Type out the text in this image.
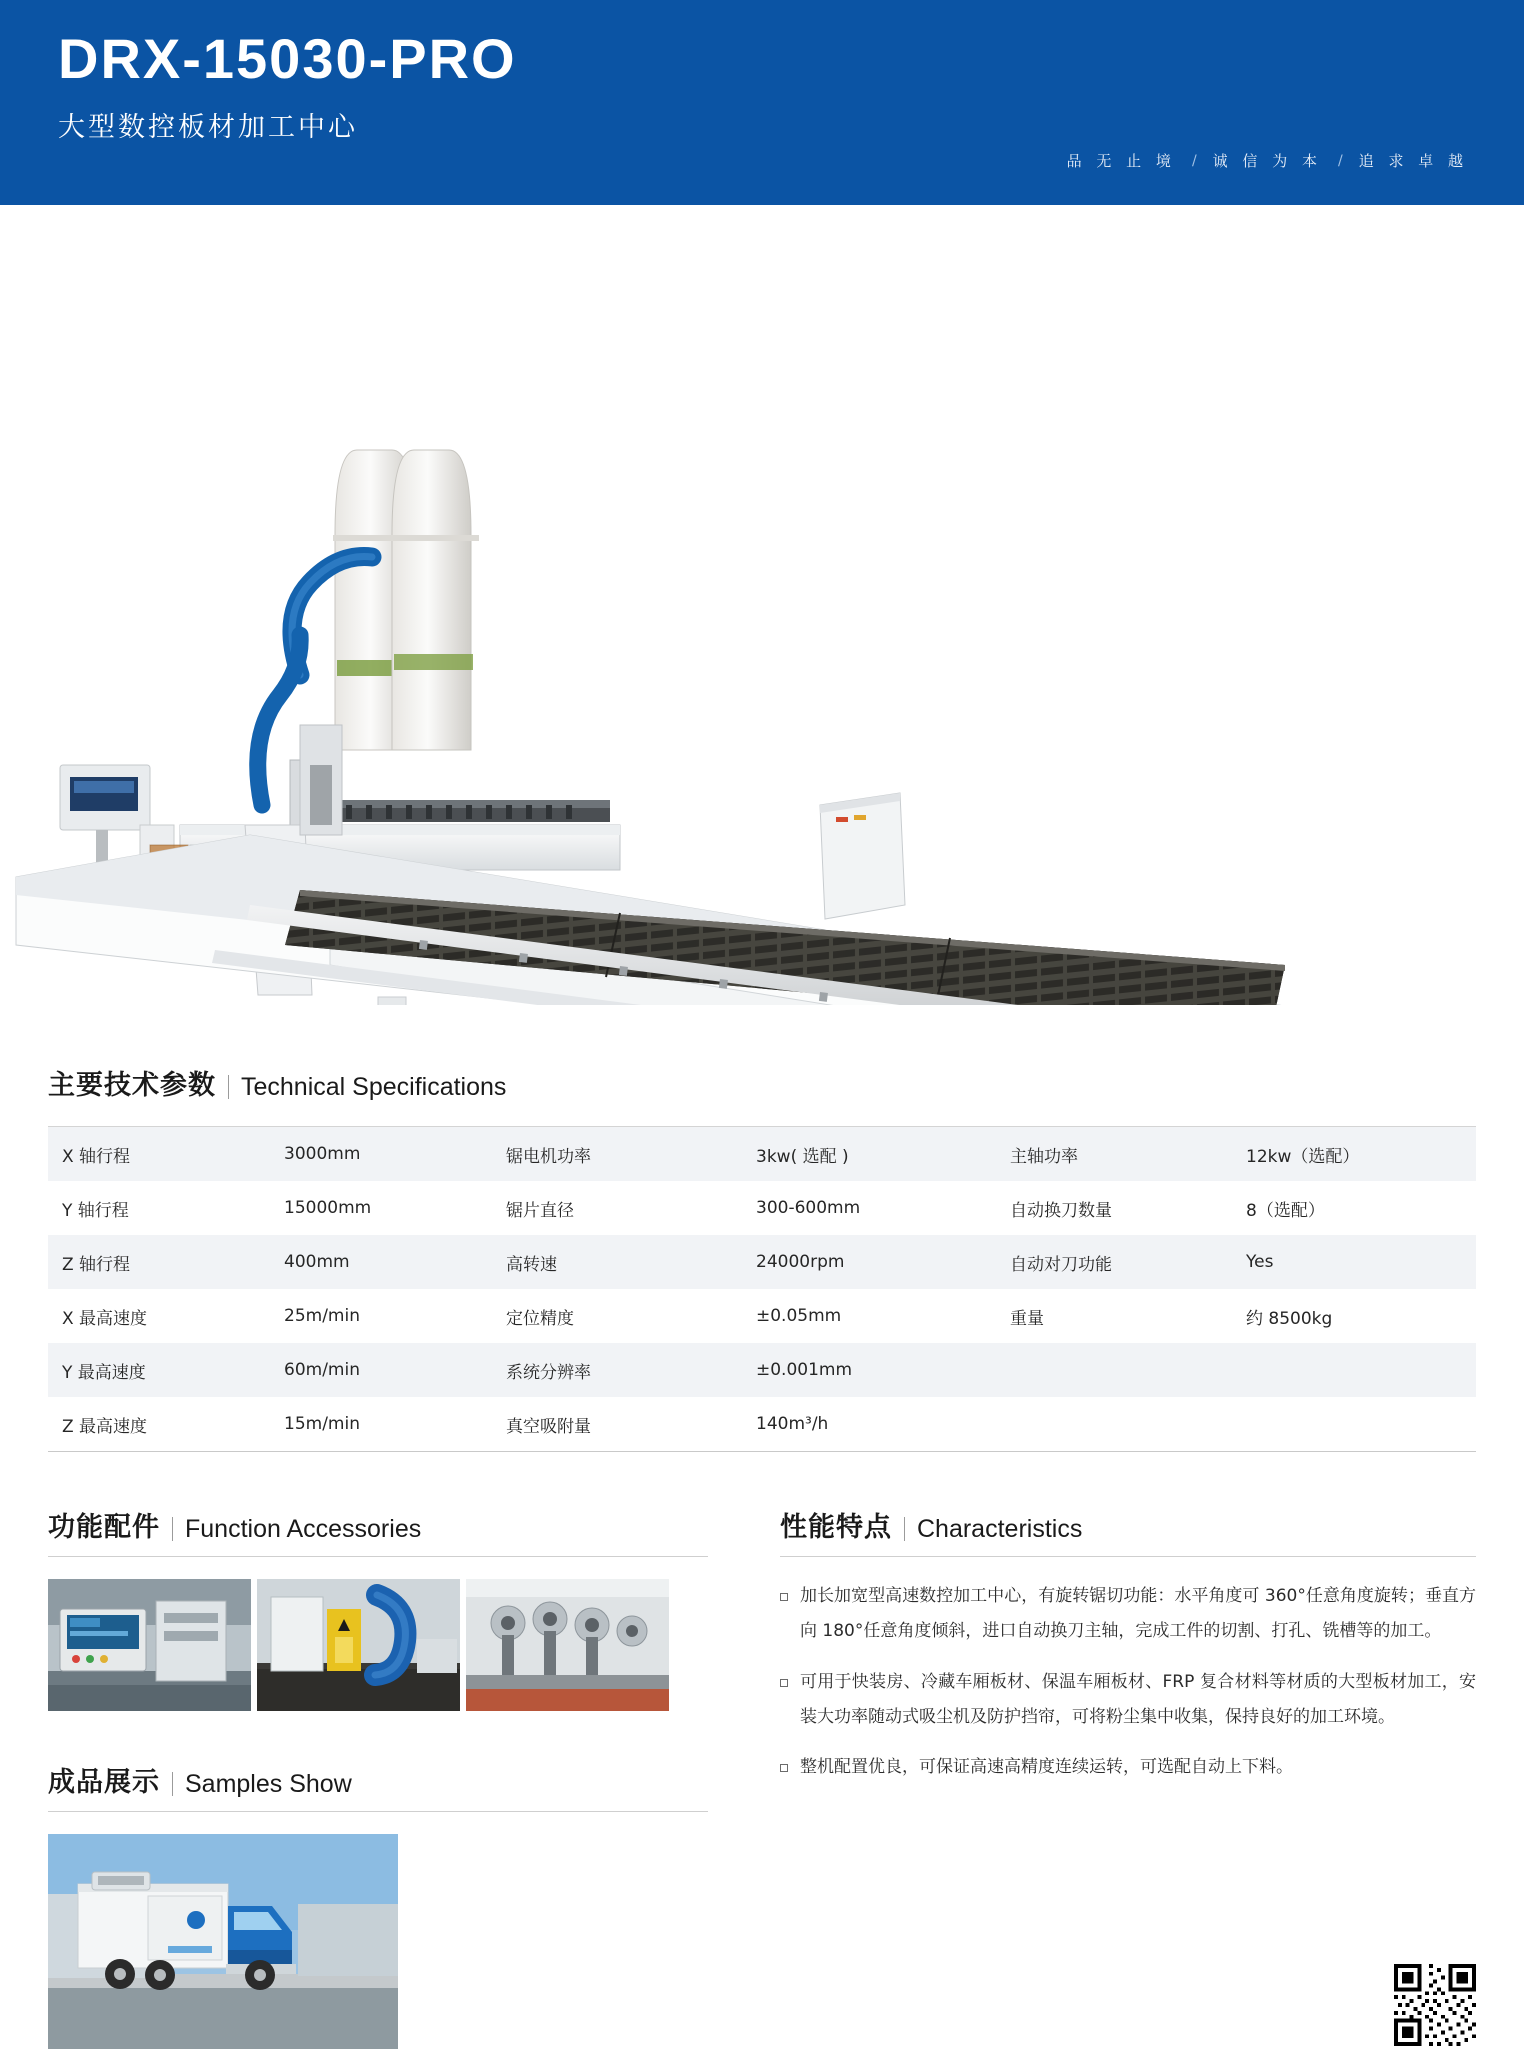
DRX-15030-PRO
大型数控板材加工中心
品 无 止 境 / 诚 信 为 本 / 追 求 卓 越
主要技术参数 Technical Specifications
X 轴行程	3000mm	锯电机功率	3kw( 选配 )	主轴功率	12kw（选配）
Y 轴行程	15000mm	锯片直径	300-600mm	自动换刀数量	8（选配）
Z 轴行程	400mm	高转速	24000rpm	自动对刀功能	Yes
X 最高速度	25m/min	定位精度	±0.05mm	重量	约 8500kg
Y 最高速度	60m/min	系统分辨率	±0.001mm		
Z 最高速度	15m/min	真空吸附量	140m³/h		
功能配件 Function Accessories
成品展示 Samples Show
性能特点 Characteristics
加长加宽型高速数控加工中心，有旋转锯切功能：水平角度可 360°任意角度旋转；垂直方向 180°任意角度倾斜，进口自动换刀主轴，完成工件的切割、打孔、铣槽等的加工。
可用于快装房、冷藏车厢板材、保温车厢板材、FRP 复合材料等材质的大型板材加工，安装大功率随动式吸尘机及防护挡帘，可将粉尘集中收集，保持良好的加工环境。
整机配置优良，可保证高速高精度连续运转，可选配自动上下料。
